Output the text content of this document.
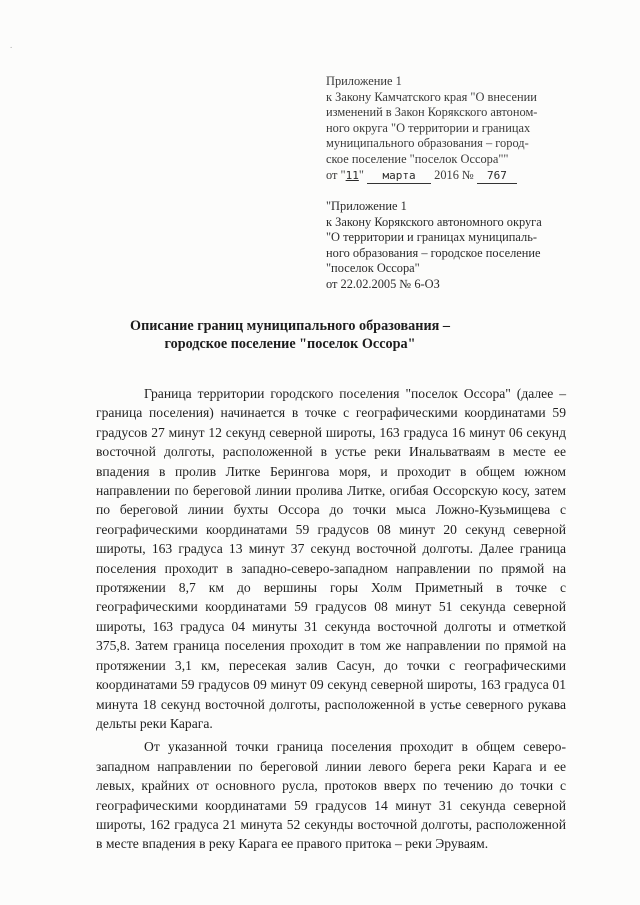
.
Приложение 1
к Закону Камчатского края "О внесении
изменений в Закон Корякского автоном-
ного округа "О территории и границах
муниципального образования – город-
ское поселение "поселок Оссора""
от "11" марта 2016 № 767
"Приложение 1
к Закону Корякского автономного округа
"О территории и границах муниципаль-
ного образования – городское поселение
"поселок Оссора"
от 22.02.2005 № 6-ОЗ
Описание границ муниципального образования –
городское поселение "поселок Оссора"

Граница территории городского поселения "поселок Оссора" (далее – граница поселения) начинается в точке с географическими координатами 59 градусов 27 минут 12 секунд северной широты, 163 градуса 16 минут 06 секунд восточной долготы, расположенной в устье реки Инальватваям в месте ее впадения в пролив Литке Берингова моря, и проходит в общем южном направлении по береговой линии пролива Литке, огибая Оссорскую косу, затем по береговой линии бухты Оссора до точки мыса Ложно-Кузьмищева с географическими координатами 59 градусов 08 минут 20 секунд северной широты, 163 градуса 13 минут 37 секунд восточной долготы. Далее граница поселения проходит в западно-северо-западном направлении по прямой на протяжении 8,7 км до вершины горы Холм Приметный в точке с географическими координатами 59 градусов 08 минут 51 секунда северной широты, 163 градуса 04 минуты 31 секунда восточной долготы и отметкой 375,8. Затем граница поселения проходит в том же направлении по прямой на протяжении 3,1 км, пересекая залив Сасун, до точки с географическими координатами 59 градусов 09 минут 09 секунд северной широты, 163 градуса 01 минута 18 секунд восточной долготы, расположенной в устье северного рукава дельты реки Карага.

От указанной точки граница поселения проходит в общем северо-западном направлении по береговой линии левого берега реки Карага и ее левых, крайних от основного русла, протоков вверх по течению до точки с географическими координатами 59 градусов 14 минут 31 секунда северной широты, 162 градуса 21 минута 52 секунды восточной долготы, расположенной в месте впадения в реку Карага ее правого притока – реки Эруваям.
